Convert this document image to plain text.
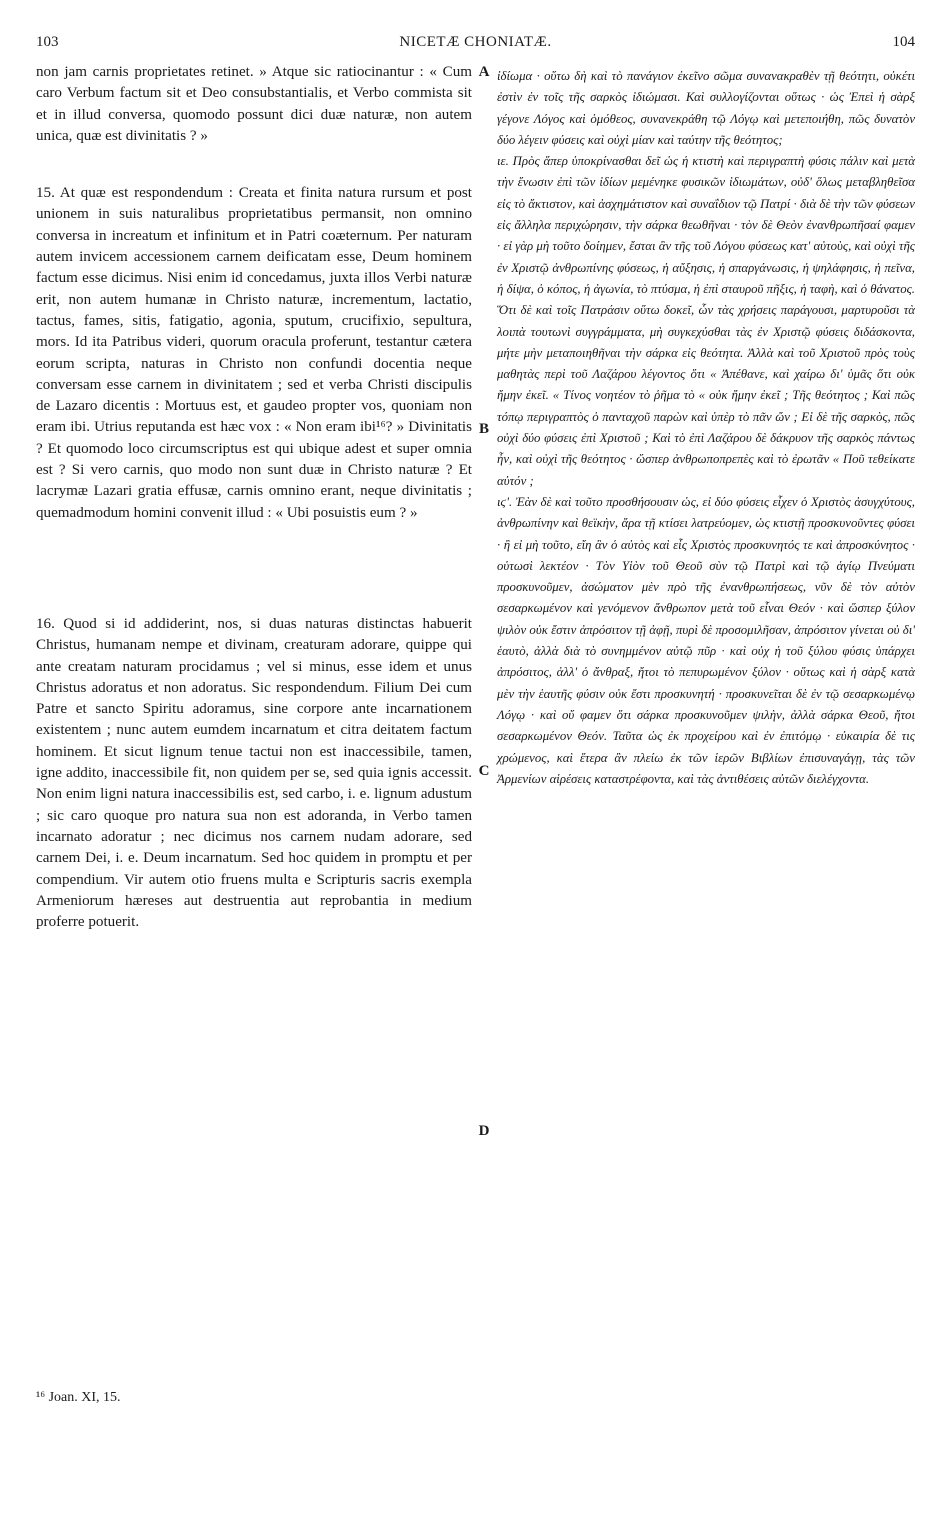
103	NICETÆ CHONIATÆ.	104

non jam carnis proprietates retinet. » Atque sic ratiocinantur : « Cum caro Verbum factum sit et Deo consubstantialis, et Verbo commista sit et in illud conversa, quomodo possunt dici duæ naturæ, non autem unica, quæ est divinitatis ? »

15. At quæ est respondendum : Creata et finita natura rursum et post unionem in suis naturalibus proprietatibus permansit, non omnino conversa in increatum et infinitum et in Patri coæternum. Per naturam autem invicem accessionem carnem deificatam esse, Deum hominem factum esse dicimus. Nisi enim id concedamus, juxta illos Verbi naturæ erit, non autem humanæ in Christo naturæ, incrementum, lactatio, tactus, fames, sitis, fatigatio, agonia, sputum, crucifixio, sepultura, mors. Id ita Patribus videri, quorum oracula proferunt, testantur cætera eorum scripta, naturas in Christo non confundi docentia neque conversam esse carnem in divinitatem ; sed et verba Christi discipulis de Lazaro dicentis : Mortuus est, et gaudeo propter vos, quoniam non eram ibi. Utrius reputanda est hæc vox : « Non eram ibi¹⁶? » Divinitatis ? Et quomodo loco circumscriptus est qui ubique adest et super omnia est ? Si vero carnis, quo modo non sunt duæ in Christo naturæ ? Et lacrymæ Lazari gratia effusæ, carnis omnino erant, neque divinitatis ; quemadmodum homini convenit illud : « Ubi posuistis eum ? »

16. Quod si id addiderint, nos, si duas naturas distinctas habuerit Christus, humanam nempe et divinam, creaturam adorare, quippe qui ante creatam naturam procidamus ; vel si minus, esse idem et unus Christus adoratus et non adoratus. Sic respondendum. Filium Dei cum Patre et sancto Spiritu adoramus, sine corpore ante incarnationem existentem ; nunc autem eumdem incarnatum et citra deitatem factum hominem. Et sicut lignum tenue tactui non est inaccessibile, tamen, igne addito, inaccessibile fit, non quidem per se, sed quia ignis accessit. Non enim ligni natura inaccessibilis est, sed carbo, i. e. lignum adustum ; sic caro quoque pro natura sua non est adoranda, in Verbo tamen incarnato adoratur ; nec dicimus nos carnem nudam adorare, sed carnem Dei, i. e. Deum incarnatum. Sed hoc quidem in promptu et per compendium. Vir autem otio fruens multa e Scripturis sacris exempla Armeniorum hæreses aut destruentia aut reprobantia in medium proferre potuerit.

A
B
C
D

ἰδίωμα · οὕτω δὴ καὶ τὸ πανάγιον ἐκεῖνο σῶμα συνανακραθὲν τῇ θεότητι, οὐκέτι ἐστὶν ἐν τοῖς τῆς σαρκὸς ἰδιώμασι. Καὶ συλλογίζονται οὕτως · ὡς Ἐπεὶ ἡ σὰρξ γέγονε Λόγος καὶ ὁμόθεος, συνανεκράθη τῷ Λόγῳ καὶ μετεποιήθη, πῶς δυνατὸν δύο λέγειν φύσεις καὶ οὐχὶ μίαν καὶ ταύτην τῆς θεότητος;

ιε. Πρὸς ἅπερ ὑποκρίνασθαι δεῖ ὡς ἡ κτιστὴ καὶ περιγραπτὴ φύσις πάλιν καὶ μετὰ τὴν ἕνωσιν ἐπὶ τῶν ἰδίων μεμένηκε φυσικῶν ἰδιωμάτων, οὐδ' ὅλως μεταβληθεῖσα εἰς τὸ ἄκτιστον, καὶ ἀσχημάτιστον καὶ συναΐδιον τῷ Πατρί · διὰ δὲ τὴν τῶν φύσεων εἰς ἄλληλα περιχώρησιν, τὴν σάρκα θεωθῆναι · τὸν δὲ Θεὸν ἐνανθρωπῆσαί φαμεν · εἰ γὰρ μὴ τοῦτο δοίημεν, ἔσται ἂν τῆς τοῦ Λόγου φύσεως κατ' αὐτοὺς, καὶ οὐχὶ τῆς ἐν Χριστῷ ἀνθρωπίνης φύσεως, ἡ αὔξησις, ἡ σπαργάνωσις, ἡ ψηλάφησις, ἡ πεῖνα, ἡ δίψα, ὁ κόπος, ἡ ἀγωνία, τὸ πτύσμα, ἡ ἐπὶ σταυροῦ πῆξις, ἡ ταφὴ, καὶ ὁ θάνατος. Ὅτι δὲ καὶ τοῖς Πατράσιν οὕτω δοκεῖ, ὧν τὰς χρήσεις παράγουσι, μαρτυροῦσι τὰ λοιπὰ τουτωνὶ συγγράμματα, μὴ συγκεχύσθαι τὰς ἐν Χριστῷ φύσεις διδάσκοντα, μήτε μὴν μεταποιηθῆναι τὴν σάρκα εἰς θεότητα. Ἀλλὰ καὶ τοῦ Χριστοῦ πρὸς τοὺς μαθητὰς περὶ τοῦ Λαζάρου λέγοντος ὅτι « Ἀπέθανε, καὶ χαίρω δι' ὑμᾶς ὅτι οὐκ ἤμην ἐκεῖ. « Τίνος νοητέον τὸ ῥῆμα τὸ « οὐκ ἤμην ἐκεῖ ; Τῆς θεότητος ; Καὶ πῶς τόπῳ περιγραπτὸς ὁ πανταχοῦ παρὼν καὶ ὑπὲρ τὸ πᾶν ὤν ; Εἰ δὲ τῆς σαρκὸς, πῶς οὐχὶ δύο φύσεις ἐπὶ Χριστοῦ ; Καὶ τὸ ἐπὶ Λαζάρου δὲ δάκρυον τῆς σαρκὸς πάντως ἦν, καὶ οὐχὶ τῆς θεότητος · ὥσπερ ἀνθρωποπρεπὲς καὶ τὸ ἐρωτᾶν « Ποῦ τεθείκατε αὐτόν ;

ιϛ'. Ἐὰν δὲ καὶ τοῦτο προσθήσουσιν ὡς, εἰ δύο φύσεις εἶχεν ὁ Χριστὸς ἀσυγχύτους, ἀνθρωπίνην καὶ θεϊκὴν, ἄρα τῇ κτίσει λατρεύομεν, ὡς κτιστῇ προσκυνοῦντες φύσει · ἢ εἰ μὴ τοῦτο, εἴη ἂν ὁ αὐτὸς καὶ εἷς Χριστὸς προσκυνητός τε καὶ ἀπροσκύνητος · οὑτωσὶ λεκτέον · Τὸν Υἱὸν τοῦ Θεοῦ σὺν τῷ Πατρὶ καὶ τῷ ἁγίῳ Πνεύματι προσκυνοῦμεν, ἀσώματον μὲν πρὸ τῆς ἐνανθρωπήσεως, νῦν δὲ τὸν αὐτὸν σεσαρκωμένον καὶ γενόμενον ἄνθρωπον μετὰ τοῦ εἶναι Θεόν · καὶ ὥσπερ ξύλον ψιλὸν οὐκ ἔστιν ἀπρόσιτον τῇ ἀφῇ, πυρὶ δὲ προσομιλῆσαν, ἀπρόσιτον γίνεται οὐ δι' ἑαυτὸ, ἀλλὰ διὰ τὸ συνημμένον αὐτῷ πῦρ · καὶ οὐχ ἡ τοῦ ξύλου φύσις ὑπάρχει ἀπρόσιτος, ἀλλ' ὁ ἄνθραξ, ἤτοι τὸ πεπυρωμένον ξύλον · οὕτως καὶ ἡ σὰρξ κατὰ μὲν τὴν ἑαυτῆς φύσιν οὐκ ἔστι προσκυνητή · προσκυνεῖται δὲ ἐν τῷ σεσαρκωμένῳ Λόγῳ · καὶ οὔ φαμεν ὅτι σάρκα προσκυνοῦμεν ψιλὴν, ἀλλὰ σάρκα Θεοῦ, ἤτοι σεσαρκωμένον Θεόν. Ταῦτα ὡς ἐκ προχείρου καὶ ἐν ἐπιτόμῳ · εὐκαιρία δὲ τις χρώμενος, καὶ ἕτερα ἂν πλείω ἐκ τῶν ἱερῶν Βιβλίων ἐπισυναγάγῃ, τὰς τῶν Ἀρμενίων αἱρέσεις καταστρέφοντα, καὶ τὰς ἀντιθέσεις αὐτῶν διελέγχοντα.

¹⁶ Joan. XI, 15.
